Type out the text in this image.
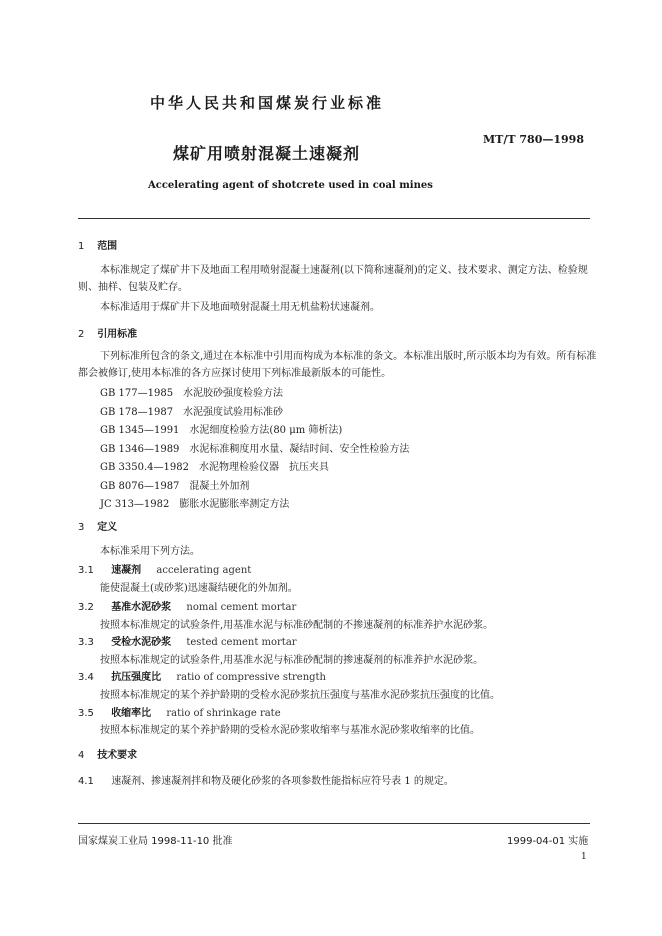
中华人民共和国煤炭行业标准
MT/T 780—1998
煤矿用喷射混凝土速凝剂
Accelerating agent of shotcrete used in coal mines
1 范围
本标准规定了煤矿井下及地面工程用喷射混凝土速凝剂(以下简称速凝剂)的定义、技术要求、测定方法、检验规则、抽样、包装及贮存。
本标准适用于煤矿井下及地面喷射混凝土用无机盐粉状速凝剂。
2 引用标准
下列标准所包含的条文,通过在本标准中引用而构成为本标准的条文。本标准出版时,所示版本均为有效。所有标准都会被修订,使用本标准的各方应探讨使用下列标准最新版本的可能性。
GB 177—1985　水泥胶砂强度检验方法
GB 178—1987　水泥强度试验用标准砂
GB 1345—1991　水泥细度检验方法(80 μm 筛析法)
GB 1346—1989　水泥标准稠度用水量、凝结时间、安全性检验方法
GB 3350.4—1982　水泥物理检验仪器　抗压夹具
GB 8076—1987　混凝土外加剂
JC 313—1982　膨胀水泥膨胀率测定方法
3 定义
本标准采用下列方法。
3.1 速凝剂 accelerating agent
能使混凝土(或砂浆)迅速凝结硬化的外加剂。
3.2 基准水泥砂浆 nomal cement mortar
按照本标准规定的试验条件,用基准水泥与标准砂配制的不掺速凝剂的标准养护水泥砂浆。
3.3 受检水泥砂浆 tested cement mortar
按照本标准规定的试验条件,用基准水泥与标准砂配制的掺速凝剂的标准养护水泥砂浆。
3.4 抗压强度比 ratio of compressive strength
按照本标准规定的某个养护龄期的受检水泥砂浆抗压强度与基准水泥砂浆抗压强度的比值。
3.5 收缩率比 ratio of shrinkage rate
按照本标准规定的某个养护龄期的受检水泥砂浆收缩率与基准水泥砂浆收缩率的比值。
4 技术要求
4.1 速凝剂、掺速凝剂拌和物及硬化砂浆的各项参数性能指标应符号表 1 的规定。
国家煤炭工业局 1998-11-10 批准	1999-04-01 实施
1
